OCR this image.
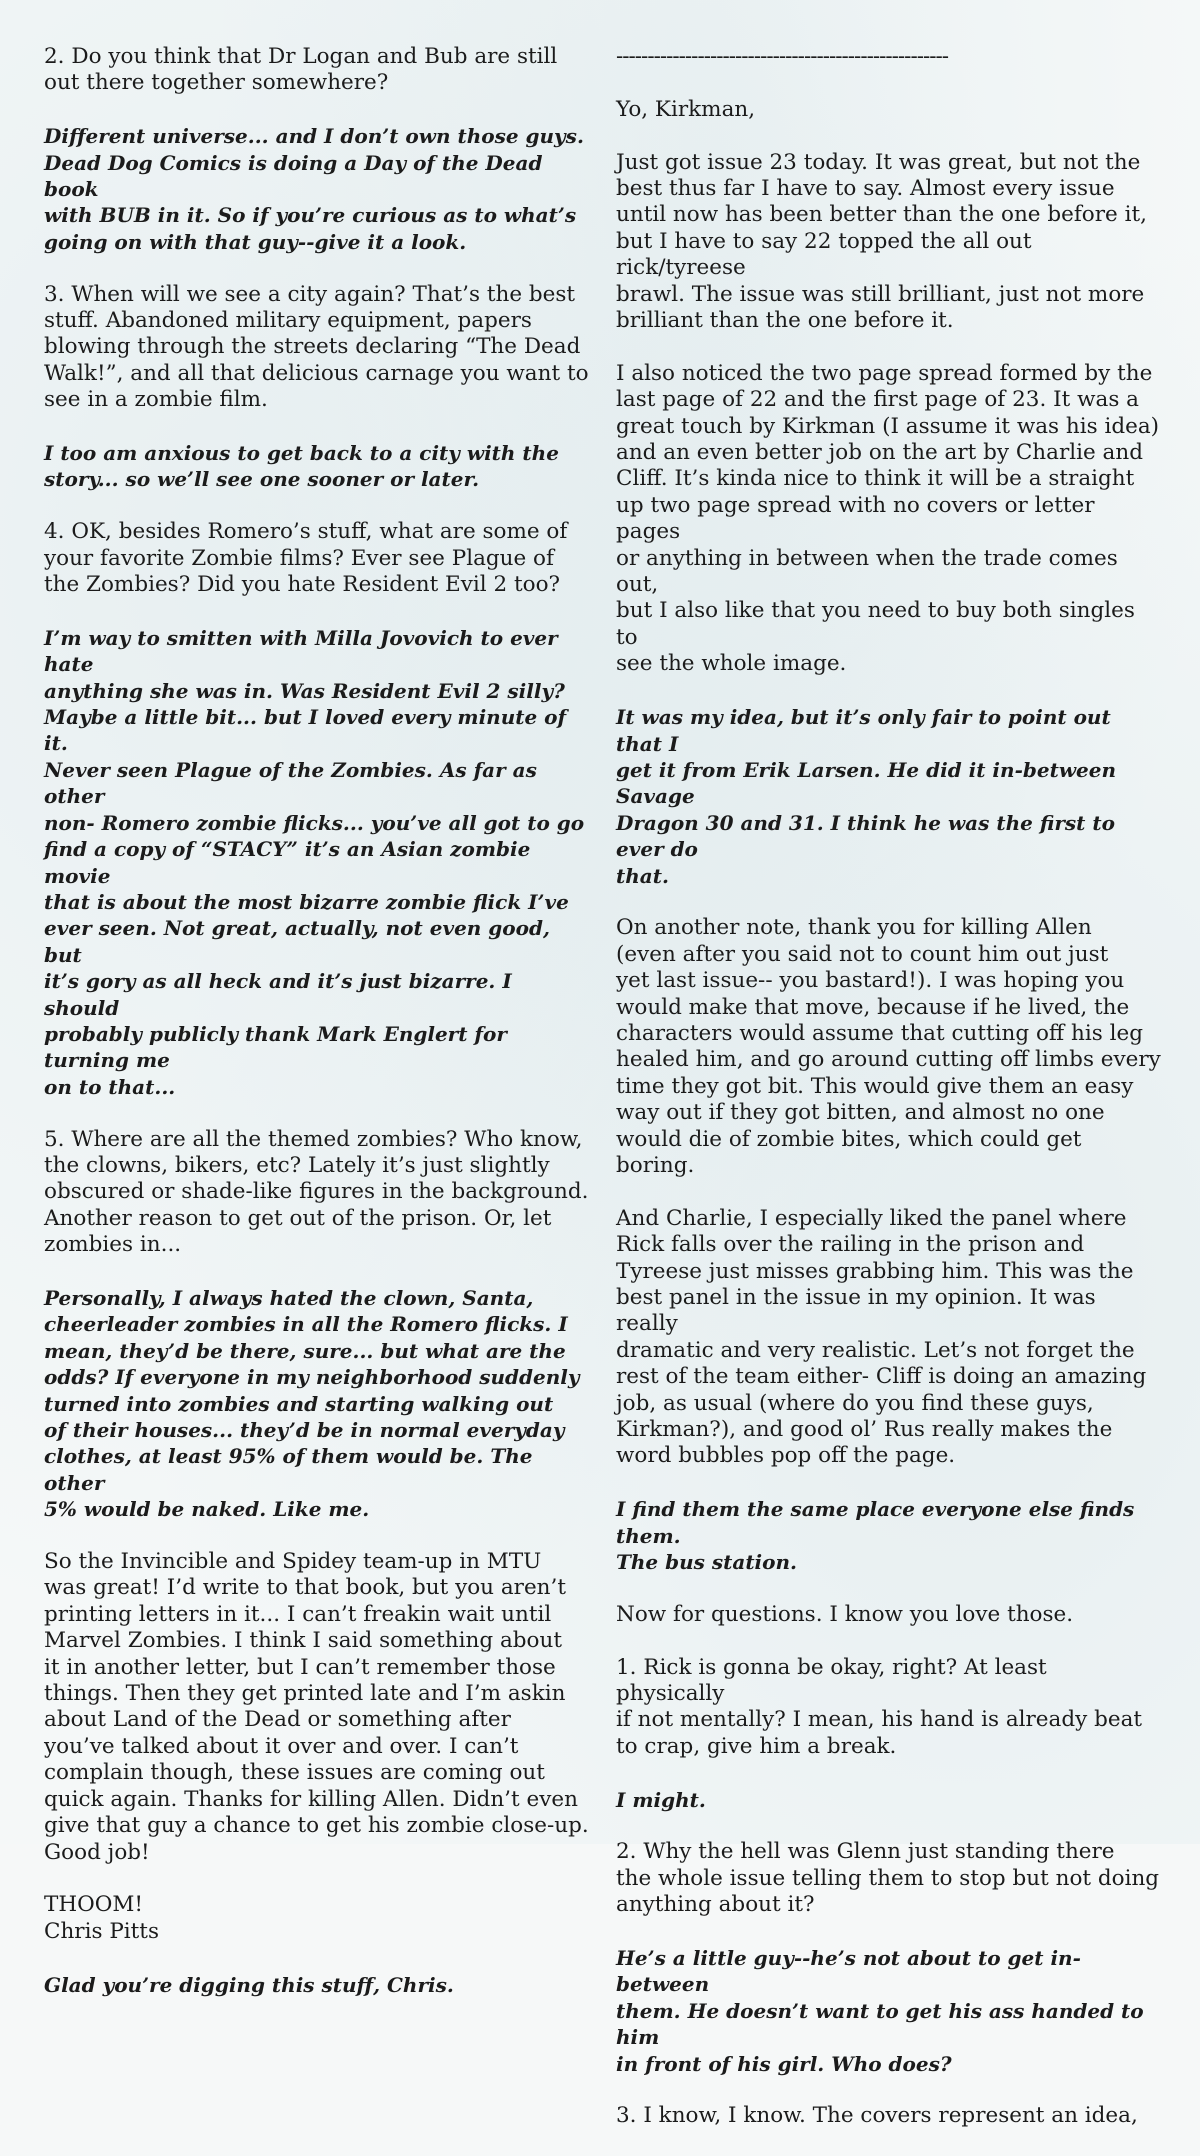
2. Do you think that Dr Logan and Bub are still
out there together somewhere?

Different universe... and I don’t own those guys.
Dead Dog Comics is doing a Day of the Dead book
with BUB in it. So if you’re curious as to what’s
going on with that guy--give it a look.

3. When will we see a city again? That’s the best
stuff. Abandoned military equipment, papers
blowing through the streets declaring “The Dead
Walk!”, and all that delicious carnage you want to
see in a zombie film.

I too am anxious to get back to a city with the
story... so we’ll see one sooner or later.

4. OK, besides Romero’s stuff, what are some of
your favorite Zombie films? Ever see Plague of
the Zombies? Did you hate Resident Evil 2 too?

I’m way to smitten with Milla Jovovich to ever hate
anything she was in. Was Resident Evil 2 silly?
Maybe a little bit... but I loved every minute of it.
Never seen Plague of the Zombies. As far as other
non- Romero zombie flicks... you’ve all got to go
find a copy of “STACY” it’s an Asian zombie movie
that is about the most bizarre zombie flick I’ve
ever seen. Not great, actually, not even good, but
it’s gory as all heck and it’s just bizarre. I should
probably publicly thank Mark Englert for turning me
on to that...

5. Where are all the themed zombies? Who know,
the clowns, bikers, etc? Lately it’s just slightly
obscured or shade-like figures in the background.
Another reason to get out of the prison. Or, let
zombies in...

Personally, I always hated the clown, Santa,
cheerleader zombies in all the Romero flicks. I
mean, they’d be there, sure... but what are the
odds? If everyone in my neighborhood suddenly
turned into zombies and starting walking out
of their houses... they’d be in normal everyday
clothes, at least 95% of them would be. The other
5% would be naked. Like me.

So the Invincible and Spidey team-up in MTU
was great! I’d write to that book, but you aren’t
printing letters in it... I can’t freakin wait until
Marvel Zombies. I think I said something about
it in another letter, but I can’t remember those
things. Then they get printed late and I’m askin
about Land of the Dead or something after
you’ve talked about it over and over. I can’t
complain though, these issues are coming out
quick again. Thanks for killing Allen. Didn’t even
give that guy a chance to get his zombie close-up.
Good job!

THOOM!
Chris Pitts

Glad you’re digging this stuff, Chris.

-----------------------------------------------------

Yo, Kirkman,

Just got issue 23 today. It was great, but not the
best thus far I have to say. Almost every issue
until now has been better than the one before it,
but I have to say 22 topped the all out rick/tyreese
brawl. The issue was still brilliant, just not more
brilliant than the one before it.

I also noticed the two page spread formed by the
last page of 22 and the first page of 23. It was a
great touch by Kirkman (I assume it was his idea)
and an even better job on the art by Charlie and
Cliff. It’s kinda nice to think it will be a straight
up two page spread with no covers or letter pages
or anything in between when the trade comes out,
but I also like that you need to buy both singles to
see the whole image.

It was my idea, but it’s only fair to point out that I
get it from Erik Larsen. He did it in-between Savage
Dragon 30 and 31. I think he was the first to ever do
that.

On another note, thank you for killing Allen
(even after you said not to count him out just
yet last issue-- you bastard!). I was hoping you
would make that move, because if he lived, the
characters would assume that cutting off his leg
healed him, and go around cutting off limbs every
time they got bit. This would give them an easy
way out if they got bitten, and almost no one
would die of zombie bites, which could get boring.

And Charlie, I especially liked the panel where
Rick falls over the railing in the prison and
Tyreese just misses grabbing him. This was the
best panel in the issue in my opinion. It was really
dramatic and very realistic. Let’s not forget the
rest of the team either- Cliff is doing an amazing
job, as usual (where do you find these guys,
Kirkman?), and good ol’ Rus really makes the
word bubbles pop off the page.

I find them the same place everyone else finds them.
The bus station.

Now for questions. I know you love those.

1. Rick is gonna be okay, right? At least physically
if not mentally? I mean, his hand is already beat
to crap, give him a break.

I might.

2. Why the hell was Glenn just standing there
the whole issue telling them to stop but not doing
anything about it?

He’s a little guy--he’s not about to get in-between
them. He doesn’t want to get his ass handed to him
in front of his girl. Who does?

3. I know, I know. The covers represent an idea,
